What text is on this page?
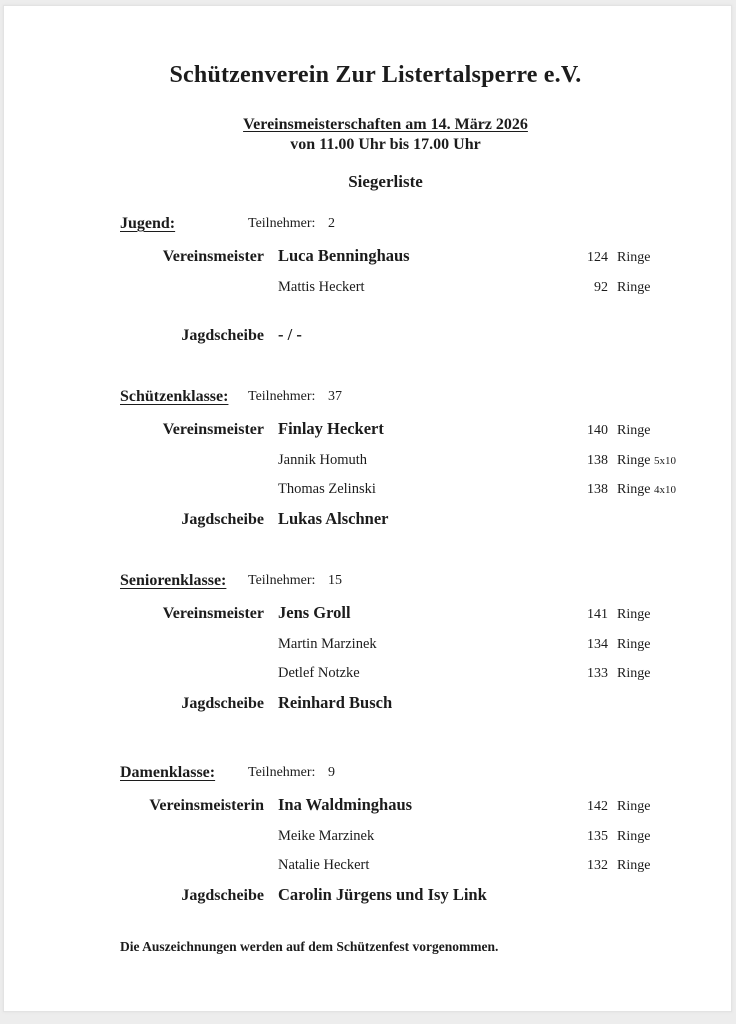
Schützenverein Zur Listertalsperre e.V.
Vereinsmeisterschaften am 14. März 2026
von 11.00 Uhr bis 17.00 Uhr
Siegerliste
Jugend:	Teilnehmer: 2
Vereinsmeister Luca Benninghaus	124 Ringe
Mattis Heckert	92 Ringe
Jagdscheibe - / -
Schützenklasse: Teilnehmer: 37
Vereinsmeister Finlay Heckert	140 Ringe
Jannik Homuth	138 Ringe 5x10
Thomas Zelinski	138 Ringe 4x10
Jagdscheibe Lukas Alschner
Seniorenklasse: Teilnehmer: 15
Vereinsmeister Jens Groll	141 Ringe
Martin Marzinek	134 Ringe
Detlef Notzke	133 Ringe
Jagdscheibe Reinhard Busch
Damenklasse: Teilnehmer: 9
Vereinsmeisterin Ina Waldminghaus	142 Ringe
Meike Marzinek	135 Ringe
Natalie Heckert	132 Ringe
Jagdscheibe Carolin Jürgens und Isy Link
Die Auszeichnungen werden auf dem Schützenfest vorgenommen.
